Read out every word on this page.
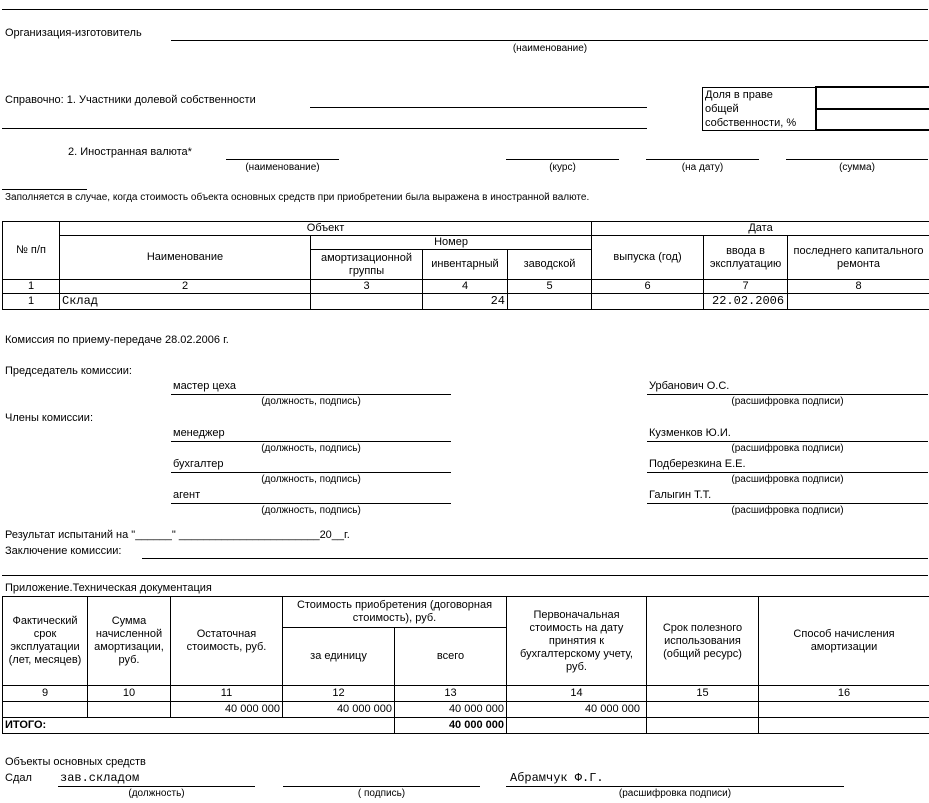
Организация-изготовитель
(наименование)
Справочно: 1. Участники долевой собственности	Доля в праве
общей
собственности, %

2. Иностранная валюта*
(наименование)	(курс)	(на дату)	(сумма)
Заполняется в случае, когда стоимость объекта основных средств при приобретении была выражена в иностранной валюте.
№ п/п	Объект				Дата		
	Наименование	Номер			выпуска (год)	ввода в эксплуатацию	последнего капитального ремонта
		амортизационной группы	инвентарный	заводской			
1	2	3	4	5	6	7	8
1	Склад		24			22.02.2006	
Комиссия по приему-передаче 28.02.2006 г.
Председатель комиссии:
мастер цеха
(должность, подпись)
Урбанович О.С.
(расшифровка подписи)
Члены комиссии:
менеджер
(должность, подпись)
Кузменков Ю.И.
(расшифровка подписи)
бухгалтер
(должность, подпись)
Подберезкина Е.Е.
(расшифровка подписи)
агент
(должность, подпись)
Галыгин Т.Т.
(расшифровка подписи)
Результат испытаний на "______" _______________________20__г.
Заключение комиссии:
Приложение.Техническая документация
Фактический срок эксплуатации (лет, месяцев)	Сумма начисленной амортизации, руб.	Остаточная стоимость, руб.	Стоимость приобретения (договорная стоимость), руб.		Первоначальная стоимость на дату принятия к бухгалтерскому учету, руб.	Срок полезного использования (общий ресурс)	Способ начисления амортизации
			за единицу	всего			
9	10	11	12	13	14	15	16
		40 000 000	40 000 000	40 000 000	40 000 000		
ИТОГО:				40 000 000			
Объекты основных средств
Сдал зав.складом
(должность)	( подпись)
Абрамчук Ф.Г.
(расшифровка подписи)
